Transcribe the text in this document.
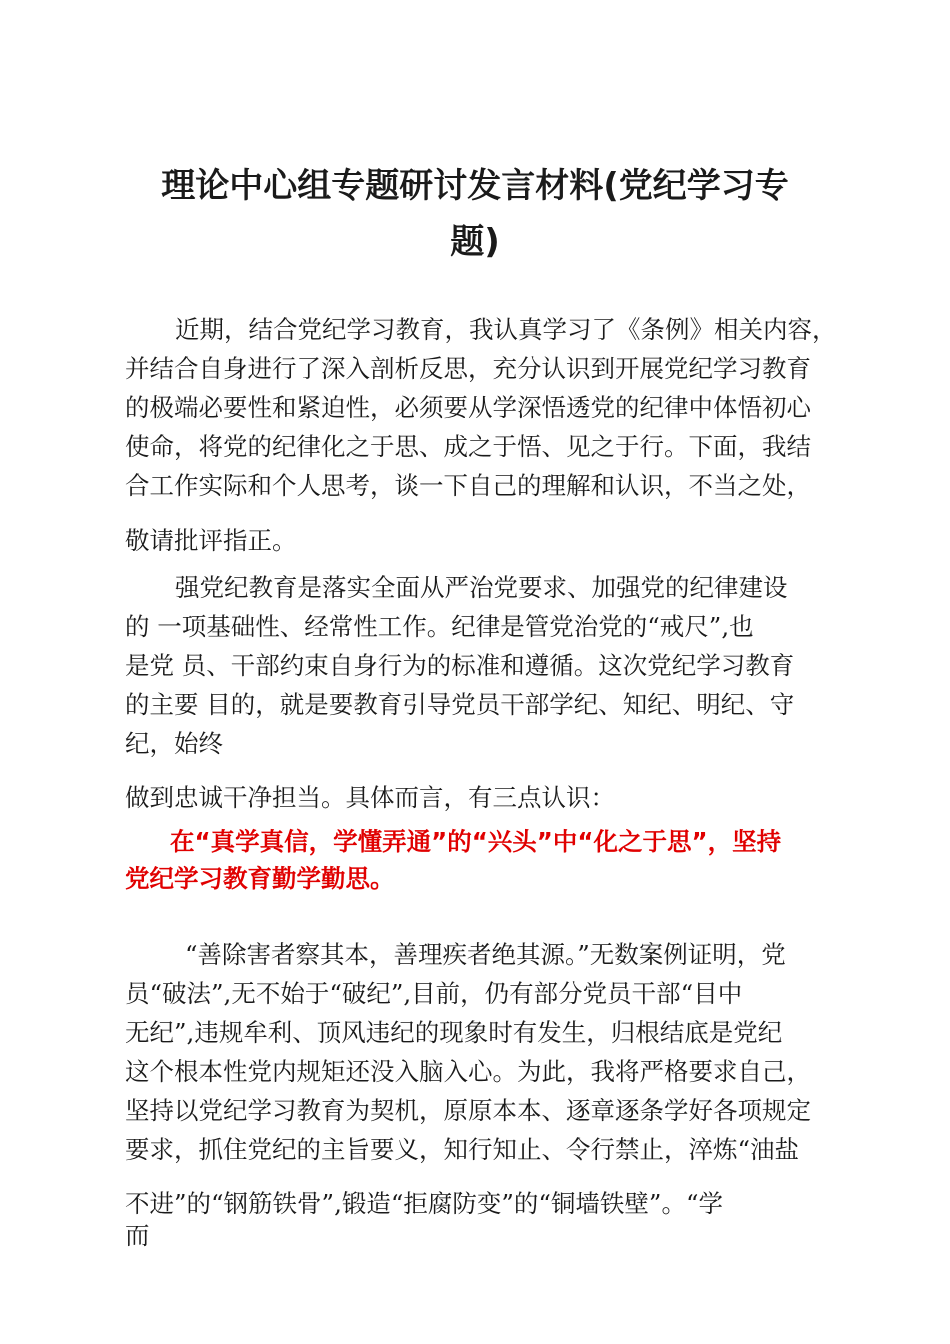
理论中心组专题研讨发言材料(党纪学习专
题)

近期，结合党纪学习教育，我认真学习了《条例》相关内容，

并结合自身进行了深入剖析反思，充分认识到开展党纪学习教育

的极端必要性和紧迫性，必须要从学深悟透党的纪律中体悟初心

使命，将党的纪律化之于思、成之于悟、见之于行。下面，我结

合工作实际和个人思考，谈一下自己的理解和认识，不当之处，

敬请批评指正。

强党纪教育是落实全面从严治党要求、加强党的纪律建设

的 一项基础性、经常性工作。纪律是管党治党的“戒尺”,也

是党 员、干部约束自身行为的标准和遵循。这次党纪学习教育

的主要 目的，就是要教育引导党员干部学纪、知纪、明纪、守

纪，始终

做到忠诚干净担当。具体而言，有三点认识：

在“真学真信，学懂弄通”的“兴头”中“化之于思”，坚持

党纪学习教育勤学勤思。

“善除害者察其本，善理疾者绝其源。”无数案例证明，党

员“破法”,无不始于“破纪”,目前，仍有部分党员干部“目中

无纪”,违规牟利、顶风违纪的现象时有发生，归根结底是党纪

这个根本性党内规矩还没入脑入心。为此，我将严格要求自己，

坚持以党纪学习教育为契机，原原本本、逐章逐条学好各项规定

要求，抓住党纪的主旨要义，知行知止、令行禁止，淬炼“油盐

不进”的“钢筋铁骨”,锻造“拒腐防变”的“铜墙铁壁”。“学

而
